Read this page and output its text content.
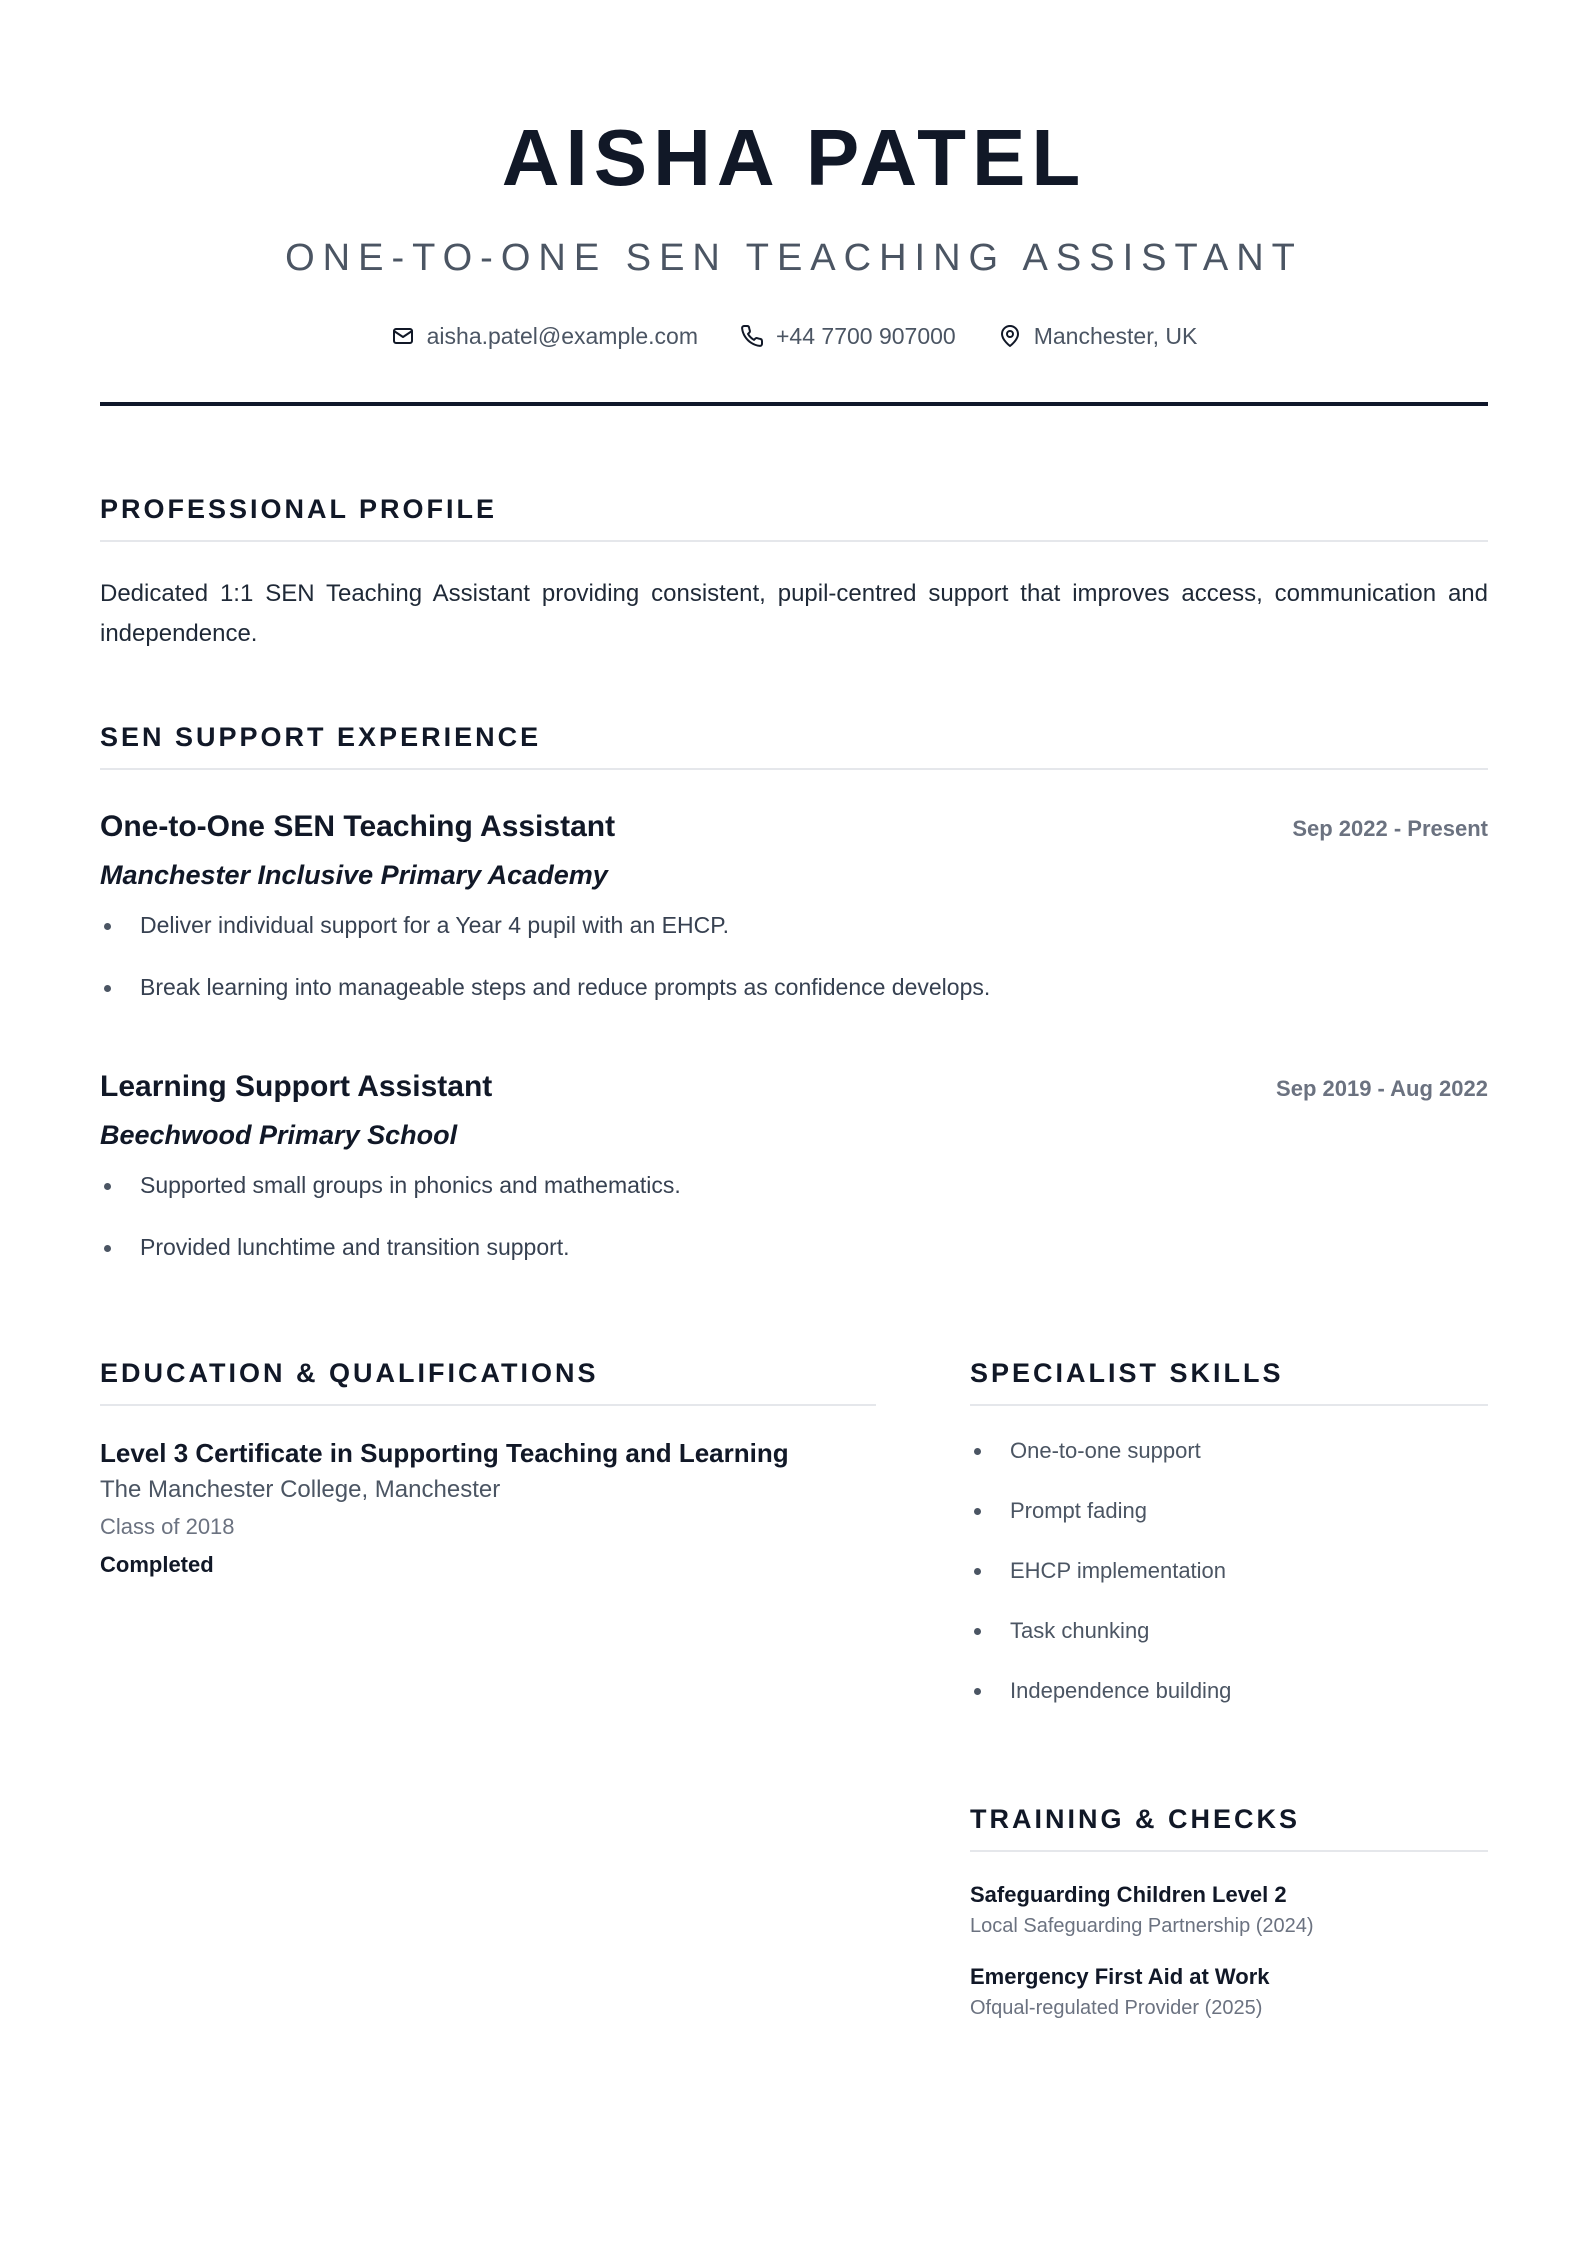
AISHA PATEL
ONE-TO-ONE SEN TEACHING ASSISTANT
aisha.patel@example.com	+44 7700 907000	Manchester, UK
PROFESSIONAL PROFILE

Dedicated 1:1 SEN Teaching Assistant providing consistent, pupil-centred support that improves access, communication and independence.

SEN SUPPORT EXPERIENCE
One-to-One SEN Teaching Assistant	Sep 2022 - Present
Manchester Inclusive Primary Academy
Deliver individual support for a Year 4 pupil with an EHCP.
Break learning into manageable steps and reduce prompts as confidence develops.
Learning Support Assistant	Sep 2019 - Aug 2022
Beechwood Primary School
Supported small groups in phonics and mathematics.
Provided lunchtime and transition support.
EDUCATION & QUALIFICATIONS
Level 3 Certificate in Supporting Teaching and Learning
The Manchester College, Manchester
Class of 2018
Completed
SPECIALIST SKILLS
One-to-one support
Prompt fading
EHCP implementation
Task chunking
Independence building
TRAINING & CHECKS
Safeguarding Children Level 2
Local Safeguarding Partnership (2024)
Emergency First Aid at Work
Ofqual-regulated Provider (2025)
